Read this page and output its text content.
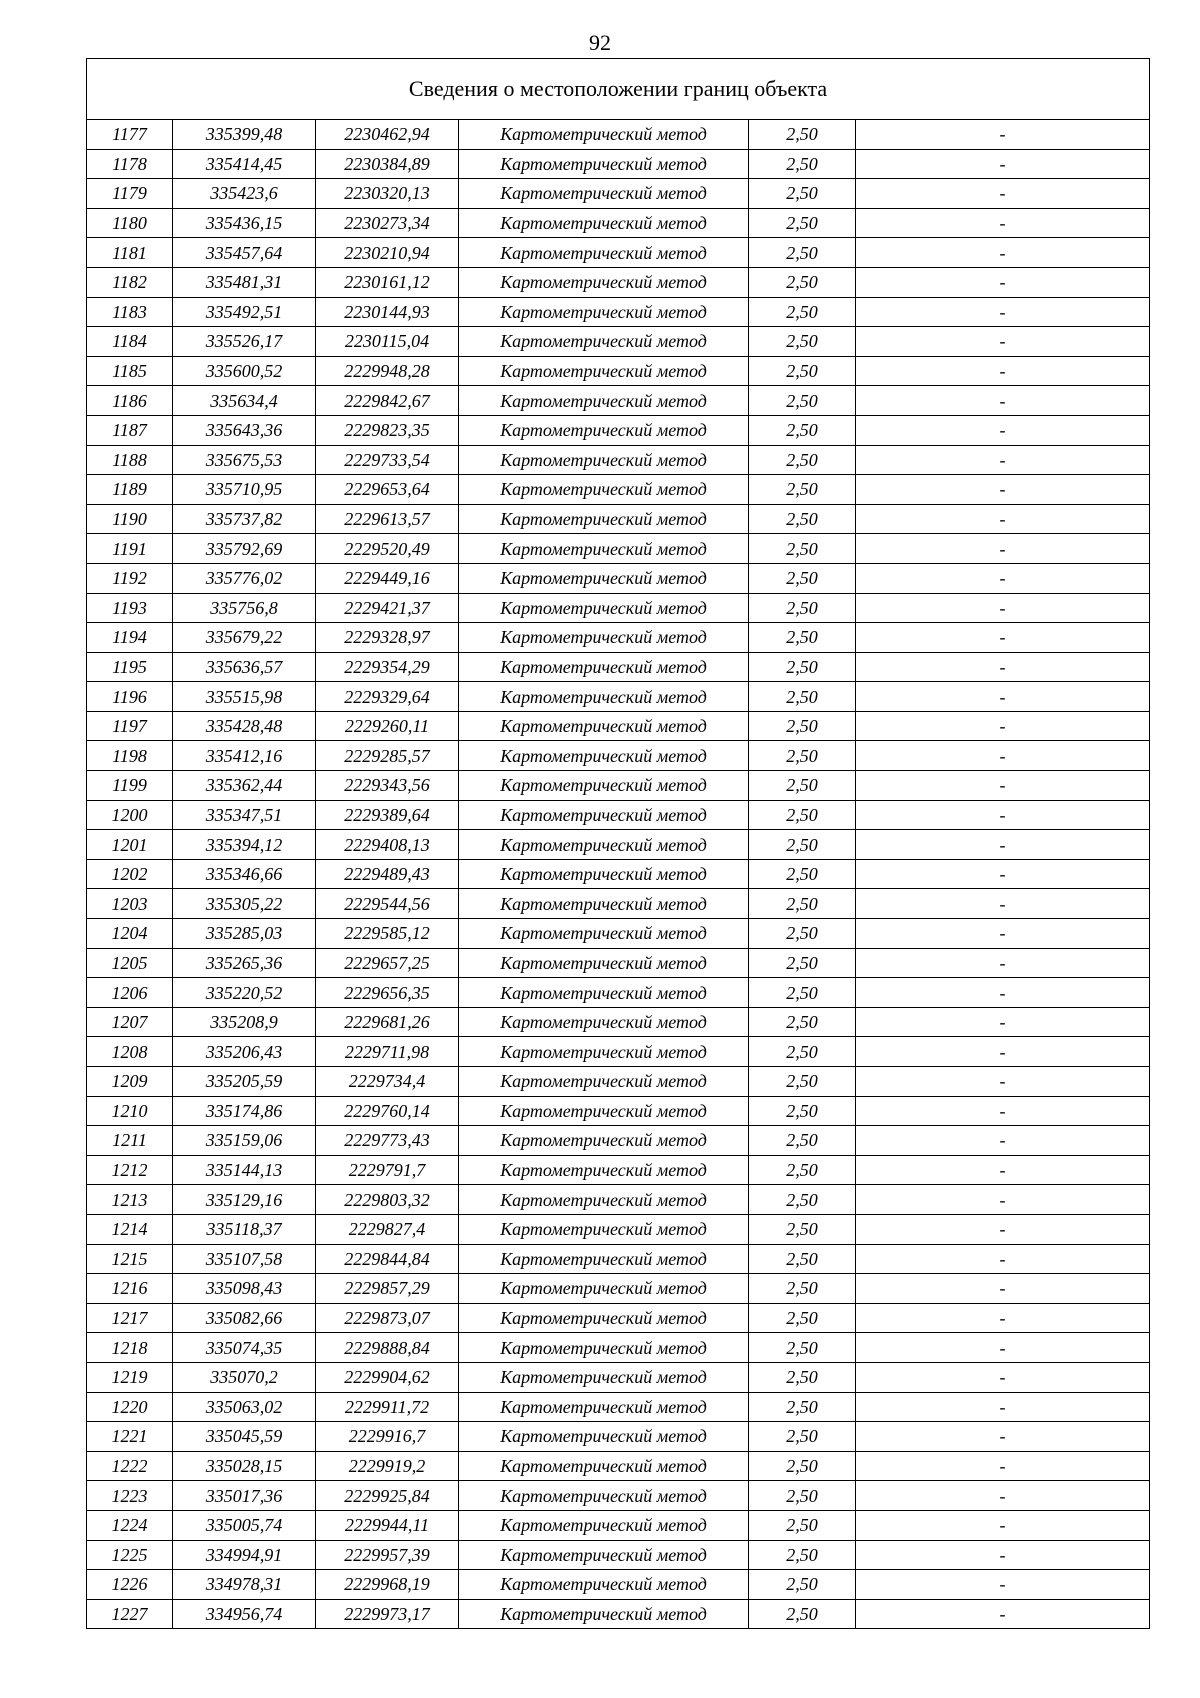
92
Сведения о местоположении границ объекта					
1177	335399,48	2230462,94	Картометрический метод	2,50	-
1178	335414,45	2230384,89	Картометрический метод	2,50	-
1179	335423,6	2230320,13	Картометрический метод	2,50	-
1180	335436,15	2230273,34	Картометрический метод	2,50	-
1181	335457,64	2230210,94	Картометрический метод	2,50	-
1182	335481,31	2230161,12	Картометрический метод	2,50	-
1183	335492,51	2230144,93	Картометрический метод	2,50	-
1184	335526,17	2230115,04	Картометрический метод	2,50	-
1185	335600,52	2229948,28	Картометрический метод	2,50	-
1186	335634,4	2229842,67	Картометрический метод	2,50	-
1187	335643,36	2229823,35	Картометрический метод	2,50	-
1188	335675,53	2229733,54	Картометрический метод	2,50	-
1189	335710,95	2229653,64	Картометрический метод	2,50	-
1190	335737,82	2229613,57	Картометрический метод	2,50	-
1191	335792,69	2229520,49	Картометрический метод	2,50	-
1192	335776,02	2229449,16	Картометрический метод	2,50	-
1193	335756,8	2229421,37	Картометрический метод	2,50	-
1194	335679,22	2229328,97	Картометрический метод	2,50	-
1195	335636,57	2229354,29	Картометрический метод	2,50	-
1196	335515,98	2229329,64	Картометрический метод	2,50	-
1197	335428,48	2229260,11	Картометрический метод	2,50	-
1198	335412,16	2229285,57	Картометрический метод	2,50	-
1199	335362,44	2229343,56	Картометрический метод	2,50	-
1200	335347,51	2229389,64	Картометрический метод	2,50	-
1201	335394,12	2229408,13	Картометрический метод	2,50	-
1202	335346,66	2229489,43	Картометрический метод	2,50	-
1203	335305,22	2229544,56	Картометрический метод	2,50	-
1204	335285,03	2229585,12	Картометрический метод	2,50	-
1205	335265,36	2229657,25	Картометрический метод	2,50	-
1206	335220,52	2229656,35	Картометрический метод	2,50	-
1207	335208,9	2229681,26	Картометрический метод	2,50	-
1208	335206,43	2229711,98	Картометрический метод	2,50	-
1209	335205,59	2229734,4	Картометрический метод	2,50	-
1210	335174,86	2229760,14	Картометрический метод	2,50	-
1211	335159,06	2229773,43	Картометрический метод	2,50	-
1212	335144,13	2229791,7	Картометрический метод	2,50	-
1213	335129,16	2229803,32	Картометрический метод	2,50	-
1214	335118,37	2229827,4	Картометрический метод	2,50	-
1215	335107,58	2229844,84	Картометрический метод	2,50	-
1216	335098,43	2229857,29	Картометрический метод	2,50	-
1217	335082,66	2229873,07	Картометрический метод	2,50	-
1218	335074,35	2229888,84	Картометрический метод	2,50	-
1219	335070,2	2229904,62	Картометрический метод	2,50	-
1220	335063,02	2229911,72	Картометрический метод	2,50	-
1221	335045,59	2229916,7	Картометрический метод	2,50	-
1222	335028,15	2229919,2	Картометрический метод	2,50	-
1223	335017,36	2229925,84	Картометрический метод	2,50	-
1224	335005,74	2229944,11	Картометрический метод	2,50	-
1225	334994,91	2229957,39	Картометрический метод	2,50	-
1226	334978,31	2229968,19	Картометрический метод	2,50	-
1227	334956,74	2229973,17	Картометрический метод	2,50	-
